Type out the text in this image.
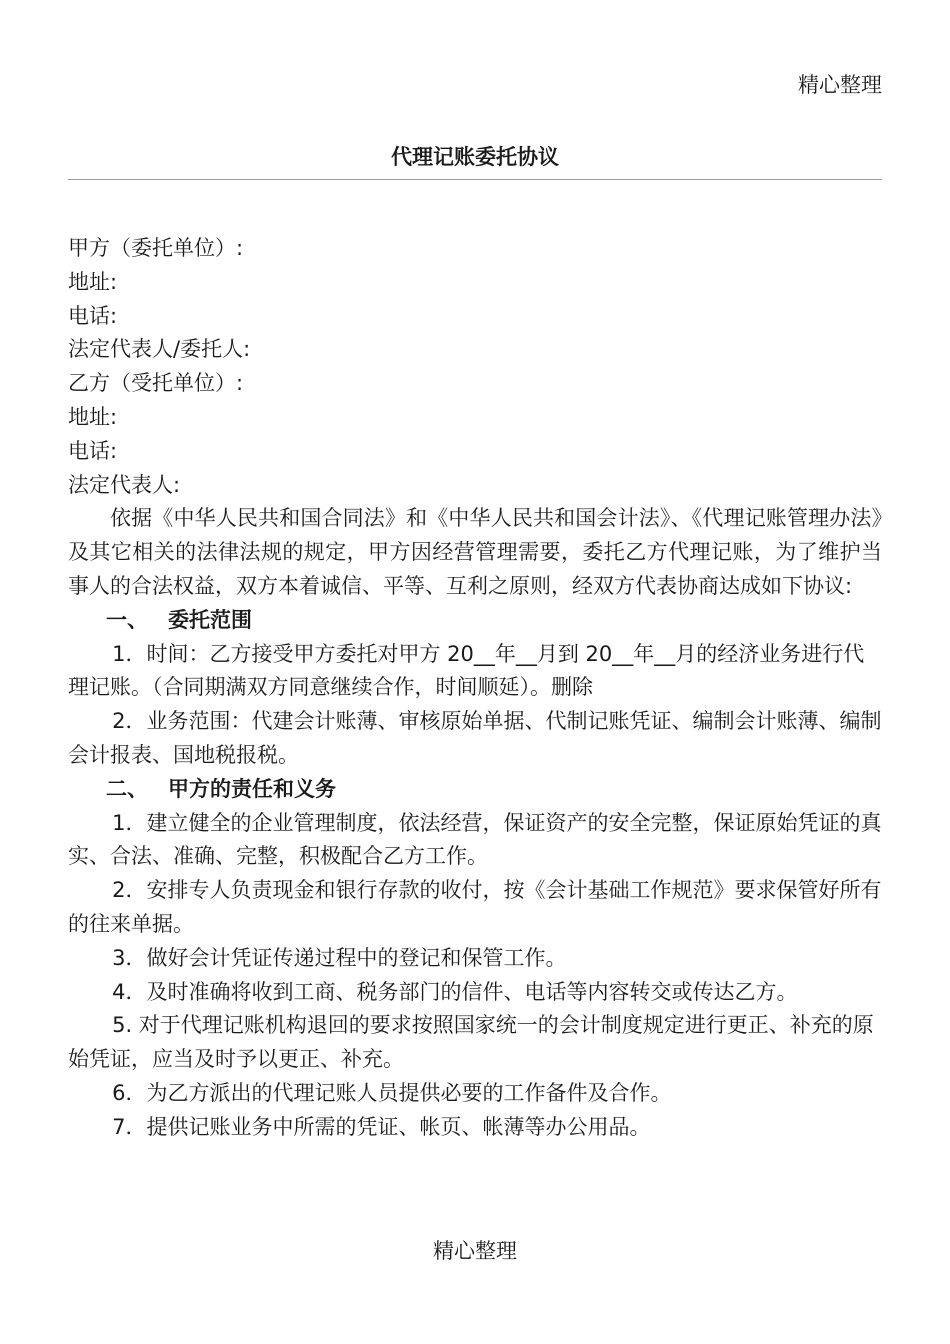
精心整理
代理记账委托协议
甲方（委托单位）:
地址:
电话:
法定代表人/委托人:
乙方（受托单位）:
地址:
电话:
法定代表人:

依据《中华人民共和国合同法》和《中华人民共和国会计法》、《代理记账管理办法》及其它相关的法律法规的规定，甲方因经营管理需要，委托乙方代理记账，为了维护当事人的合法权益，双方本着诚信、平等、互利之原则，经双方代表协商达成如下协议:

一、 委托范围

1．时间：乙方接受甲方委托对甲方 20__年__月到 20__年__月的经济业务进行代理记账。（合同期满双方同意继续合作，时间顺延）。删除

2．业务范围：代建会计账薄、审核原始单据、代制记账凭证、编制会计账薄、编制会计报表、国地税报税。

二、 甲方的责任和义务

1．建立健全的企业管理制度，依法经营，保证资产的安全完整，保证原始凭证的真实、合法、准确、完整，积极配合乙方工作。

2．安排专人负责现金和银行存款的收付，按《会计基础工作规范》要求保管好所有的往来单据。

3．做好会计凭证传递过程中的登记和保管工作。

4．及时准确将收到工商、税务部门的信件、电话等内容转交或传达乙方。

5. 对于代理记账机构退回的要求按照国家统一的会计制度规定进行更正、补充的原始凭证，应当及时予以更正、补充。

6．为乙方派出的代理记账人员提供必要的工作备件及合作。

7．提供记账业务中所需的凭证、帐页、帐薄等办公用品。

精心整理
